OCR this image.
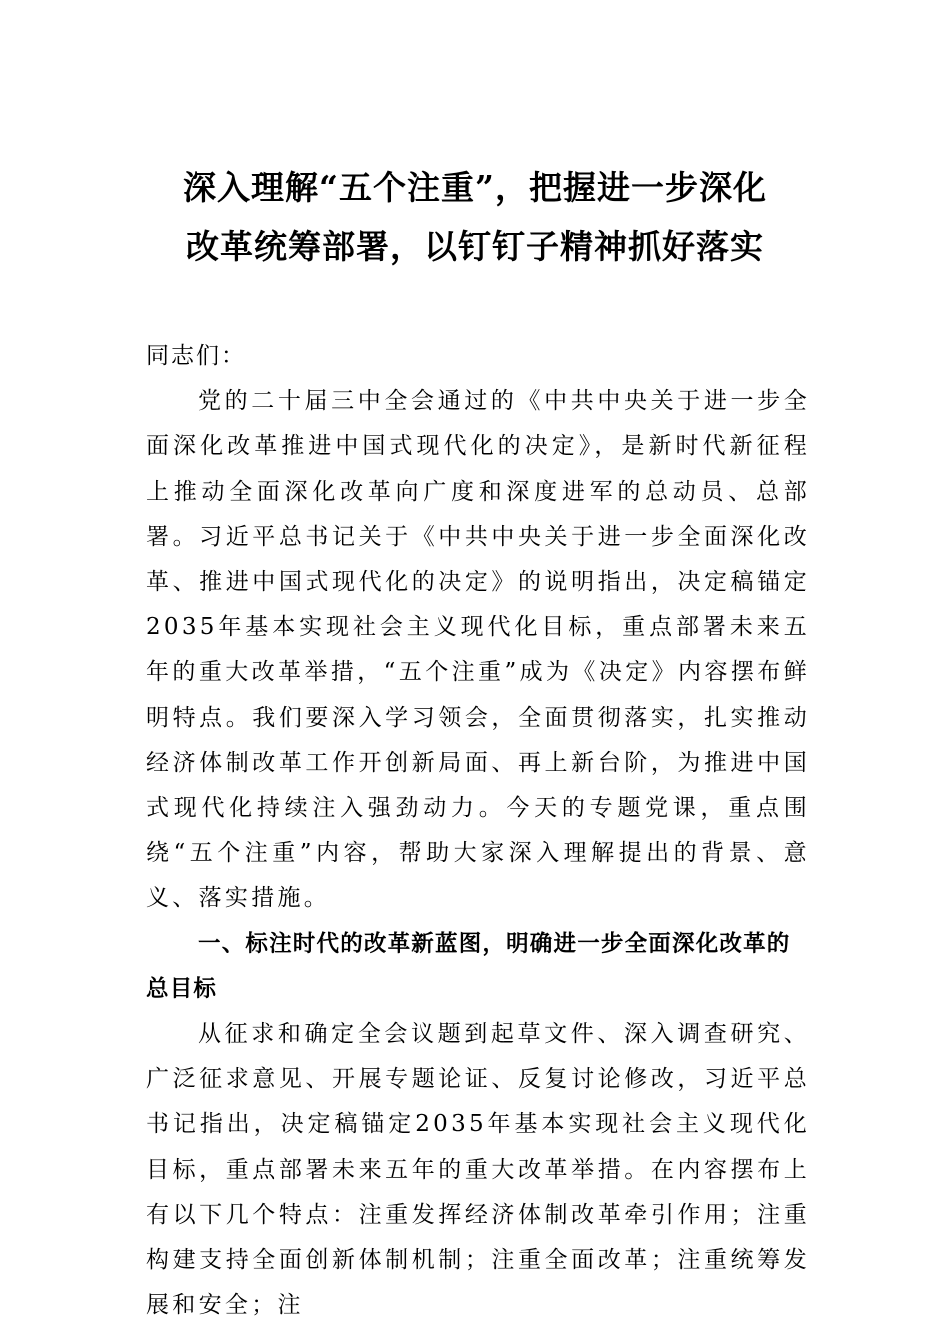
深入理解“五个注重”，把握进一步深化
改革统筹部署，以钉钉子精神抓好落实

同志们：

党的二十届三中全会通过的《中共中央关于进一步全面深化改革推进中国式现代化的决定》，是新时代新征程上推动全面深化改革向广度和深度进军的总动员、总部署。习近平总书记关于《中共中央关于进一步全面深化改革、推进中国式现代化的决定》的说明指出，决定稿锚定2035年基本实现社会主义现代化目标，重点部署未来五年的重大改革举措，“五个注重”成为《决定》内容摆布鲜明特点。我们要深入学习领会，全面贯彻落实，扎实推动经济体制改革工作开创新局面、再上新台阶，为推进中国式现代化持续注入强劲动力。今天的专题党课，重点围绕“五个注重”内容，帮助大家深入理解提出的背景、意义、落实措施。

一、标注时代的改革新蓝图，明确进一步全面深化改革的总目标

从征求和确定全会议题到起草文件、深入调查研究、广泛征求意见、开展专题论证、反复讨论修改，习近平总书记指出，决定稿锚定2035年基本实现社会主义现代化目标，重点部署未来五年的重大改革举措。在内容摆布上有以下几个特点：注重发挥经济体制改革牵引作用；注重构建支持全面创新体制机制；注重全面改革；注重统筹发展和安全；注
